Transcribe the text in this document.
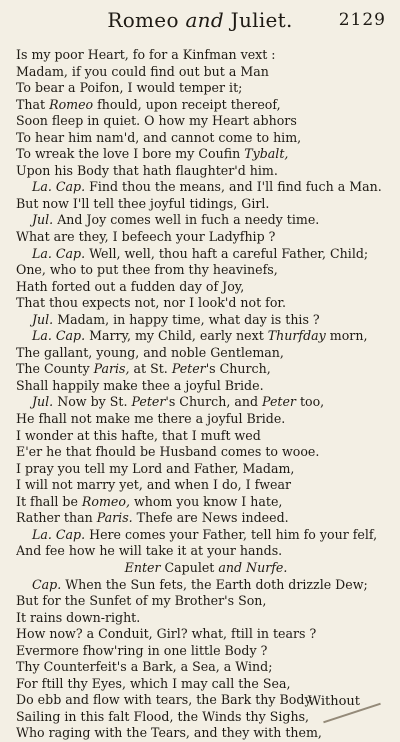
Romeo and Juliet.	2129
Is my poor Heart, fo for a Kinfman vext :
Madam, if you could find out but a Man
To bear a Poifon, I would temper it;
That Romeo fhould, upon receipt thereof,
Soon fleep in quiet. O how my Heart abhors
To hear him nam'd, and cannot come to him,
To wreak the love I bore my Coufin Tybalt,
Upon his Body that hath flaughter'd him.
La. Cap. Find thou the means, and I'll find fuch a Man.
But now I'll tell thee joyful tidings, Girl.
Jul. And Joy comes well in fuch a needy time.
What are they, I befeech your Ladyfhip ?
La. Cap. Well, well, thou haft a careful Father, Child;
One, who to put thee from thy heavinefs,
Hath forted out a fudden day of Joy,
That thou expects not, nor I look'd not for.
Jul. Madam, in happy time, what day is this ?
La. Cap. Marry, my Child, early next Thurfday morn,
The gallant, young, and noble Gentleman,
The County Paris, at St. Peter's Church,
Shall happily make thee a joyful Bride.
Jul. Now by St. Peter's Church, and Peter too,
He fhall not make me there a joyful Bride.
I wonder at this hafte, that I muft wed
E'er he that fhould be Husband comes to wooe.
I pray you tell my Lord and Father, Madam,
I will not marry yet, and when I do, I fwear
It fhall be Romeo, whom you know I hate,
Rather than Paris. Thefe are News indeed.
La. Cap. Here comes your Father, tell him fo your felf,
And fee how he will take it at your hands.
Enter Capulet and Nurfe.
Cap. When the Sun fets, the Earth doth drizzle Dew;
But for the Sunfet of my Brother's Son,
It rains down-right.
How now? a Conduit, Girl? what, ftill in tears ?
Evermore fhow'ring in one little Body ?
Thy Counterfeit's a Bark, a Sea, a Wind;
For ftill thy Eyes, which I may call the Sea,
Do ebb and flow with tears, the Bark thy Body
Sailing in this falt Flood, the Winds thy Sighs,
Who raging with the Tears, and they with them,
Without
